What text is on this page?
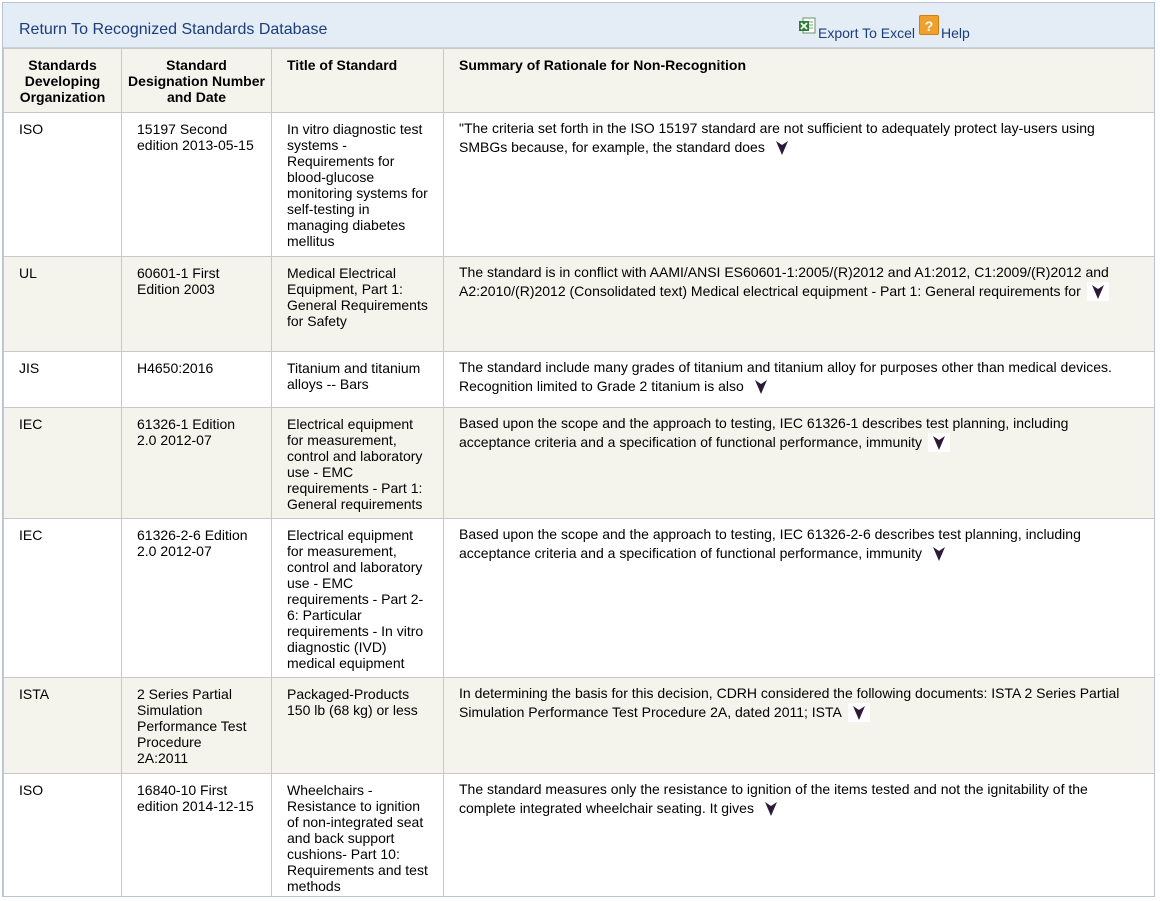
Return To Recognized Standards Database	Export To Excel ? Help
Standards Developing Organization	Standard Designation Number and Date	Title of Standard	Summary of Rationale for Non-Recognition
ISO	15197 Second edition 2013-05-15	In vitro diagnostic test systems - Requirements for blood-glucose monitoring systems for self-testing in managing diabetes mellitus	"The criteria set forth in the ISO 15197 standard are not sufficient to adequately protect lay-users using SMBGs because, for example, the standard does

UL	60601-1 First Edition 2003	Medical Electrical Equipment, Part 1: General Requirements for Safety	The standard is in conflict with AAMI/ANSI ES60601-1:2005/(R)2012 and A1:2012, C1:2009/(R)2012 and A2:2010/(R)2012 (Consolidated text) Medical electrical equipment - Part 1: General requirements for

JIS	H4650:2016	Titanium and titanium alloys -- Bars	The standard include many grades of titanium and titanium alloy for purposes other than medical devices. Recognition limited to Grade 2 titanium is also

IEC	61326-1 Edition 2.0 2012-07	Electrical equipment for measurement, control and laboratory use - EMC requirements - Part 1: General requirements	Based upon the scope and the approach to testing, IEC 61326-1 describes test planning, including acceptance criteria and a specification of functional performance, immunity

IEC	61326-2-6 Edition 2.0 2012-07	Electrical equipment for measurement, control and laboratory use - EMC requirements - Part 2-6: Particular requirements - In vitro diagnostic (IVD) medical equipment	Based upon the scope and the approach to testing, IEC 61326-2-6 describes test planning, including acceptance criteria and a specification of functional performance, immunity

ISTA	2 Series Partial Simulation Performance Test Procedure 2A:2011	Packaged-Products 150 lb (68 kg) or less	In determining the basis for this decision, CDRH considered the following documents: ISTA 2 Series Partial Simulation Performance Test Procedure 2A, dated 2011; ISTA

ISO	16840-10 First edition 2014-12-15	Wheelchairs - Resistance to ignition of non-integrated seat and back support cushions- Part 10: Requirements and test methods	The standard measures only the resistance to ignition of the items tested and not the ignitability of the complete integrated wheelchair seating. It gives
